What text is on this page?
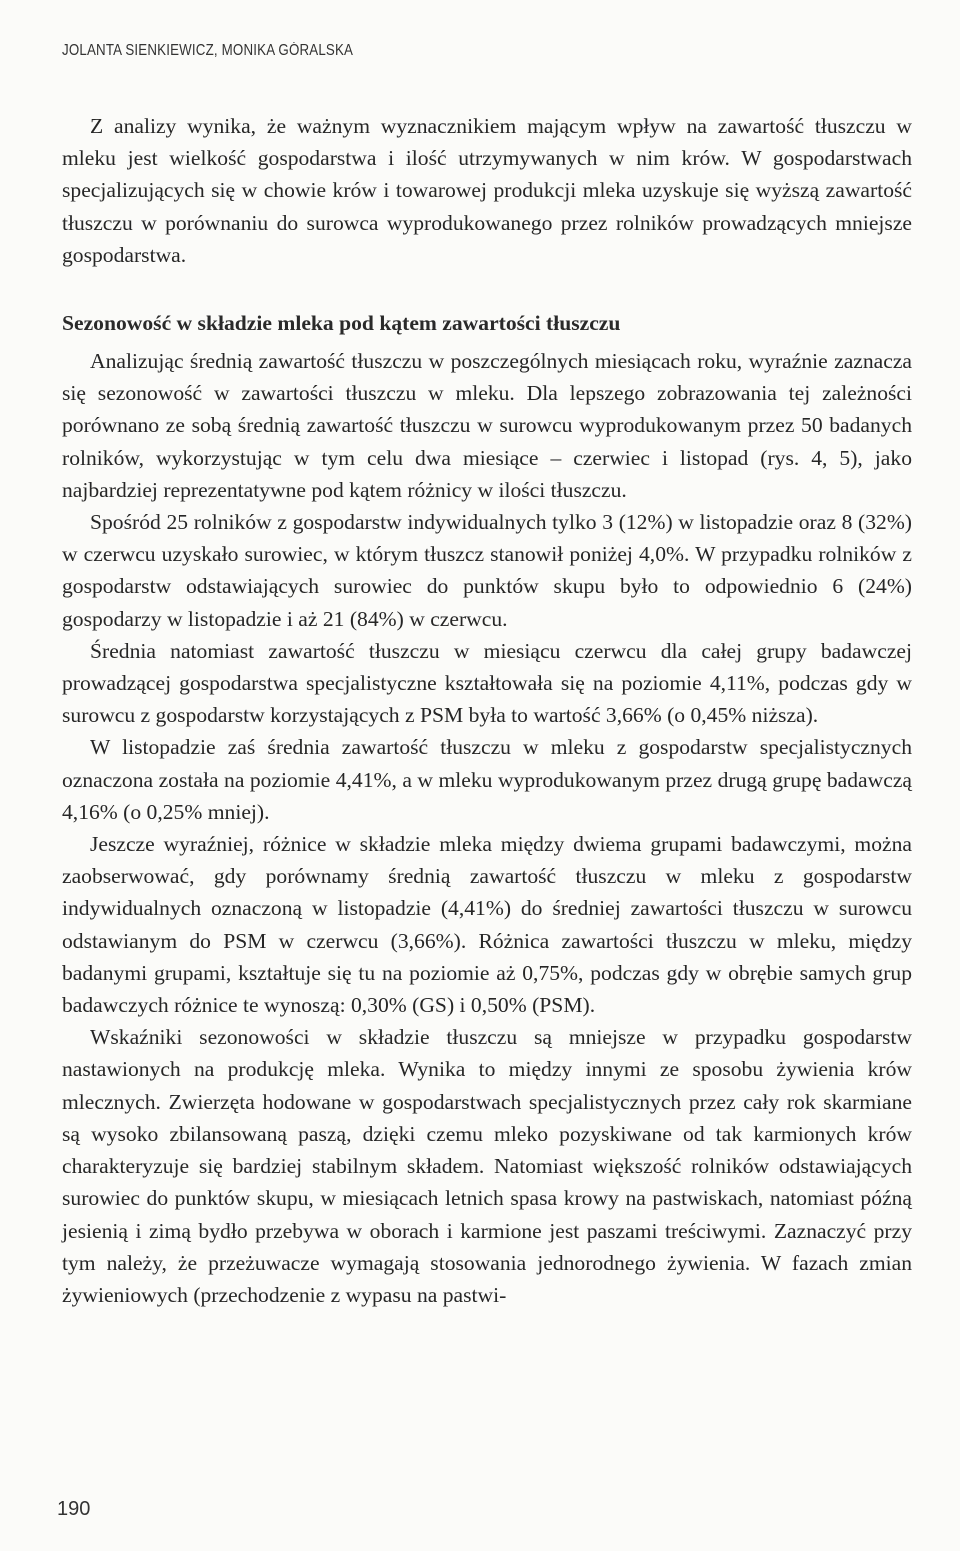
JOLANTA SIENKIEWICZ, MONIKA GÓRALSKA

Z analizy wynika, że ważnym wyznacznikiem mającym wpływ na zawartość tłuszczu w mleku jest wielkość gospodarstwa i ilość utrzymywanych w nim krów. W gospodarstwach specjalizujących się w chowie krów i towarowej produkcji mleka uzyskuje się wyższą zawartość tłuszczu w porównaniu do surowca wyprodukowanego przez rolników prowadzących mniejsze gospodarstwa.

Sezonowość w składzie mleka pod kątem zawartości tłuszczu

Analizując średnią zawartość tłuszczu w poszczególnych miesiącach roku, wyraźnie zaznacza się sezonowość w zawartości tłuszczu w mleku. Dla lepszego zobrazowania tej zależności porównano ze sobą średnią zawartość tłuszczu w surowcu wyprodukowanym przez 50 badanych rolników, wykorzystując w tym celu dwa miesiące – czerwiec i listopad (rys. 4, 5), jako najbardziej reprezentatywne pod kątem różnicy w ilości tłuszczu.

Spośród 25 rolników z gospodarstw indywidualnych tylko 3 (12%) w listopadzie oraz 8 (32%) w czerwcu uzyskało surowiec, w którym tłuszcz stanowił poniżej 4,0%. W przypadku rolników z gospodarstw odstawiających surowiec do punktów skupu było to odpowiednio 6 (24%) gospodarzy w listopadzie i aż 21 (84%) w czerwcu.

Średnia natomiast zawartość tłuszczu w miesiącu czerwcu dla całej grupy badawczej prowadzącej gospodarstwa specjalistyczne kształtowała się na poziomie 4,11%, podczas gdy w surowcu z gospodarstw korzystających z PSM była to wartość 3,66% (o 0,45% niższa).

W listopadzie zaś średnia zawartość tłuszczu w mleku z gospodarstw specjalistycznych oznaczona została na poziomie 4,41%, a w mleku wyprodukowanym przez drugą grupę badawczą 4,16% (o 0,25% mniej).

Jeszcze wyraźniej, różnice w składzie mleka między dwiema grupami badawczymi, można zaobserwować, gdy porównamy średnią zawartość tłuszczu w mleku z gospodarstw indywidualnych oznaczoną w listopadzie (4,41%) do średniej zawartości tłuszczu w surowcu odstawianym do PSM w czerwcu (3,66%). Różnica zawartości tłuszczu w mleku, między badanymi grupami, kształtuje się tu na poziomie aż 0,75%, podczas gdy w obrębie samych grup badawczych różnice te wynoszą: 0,30% (GS) i 0,50% (PSM).

Wskaźniki sezonowości w składzie tłuszczu są mniejsze w przypadku gospodarstw nastawionych na produkcję mleka. Wynika to między innymi ze sposobu żywienia krów mlecznych. Zwierzęta hodowane w gospodarstwach specjalistycznych przez cały rok skarmiane są wysoko zbilansowaną paszą, dzięki czemu mleko pozyskiwane od tak karmionych krów charakteryzuje się bardziej stabilnym składem. Natomiast większość rolników odstawiających surowiec do punktów skupu, w miesiącach letnich spasa krowy na pastwiskach, natomiast późną jesienią i zimą bydło przebywa w oborach i karmione jest paszami treściwymi. Zaznaczyć przy tym należy, że przeżuwacze wymagają stosowania jednorodnego żywienia. W fazach zmian żywieniowych (przechodzenie z wypasu na pastwi-

190
